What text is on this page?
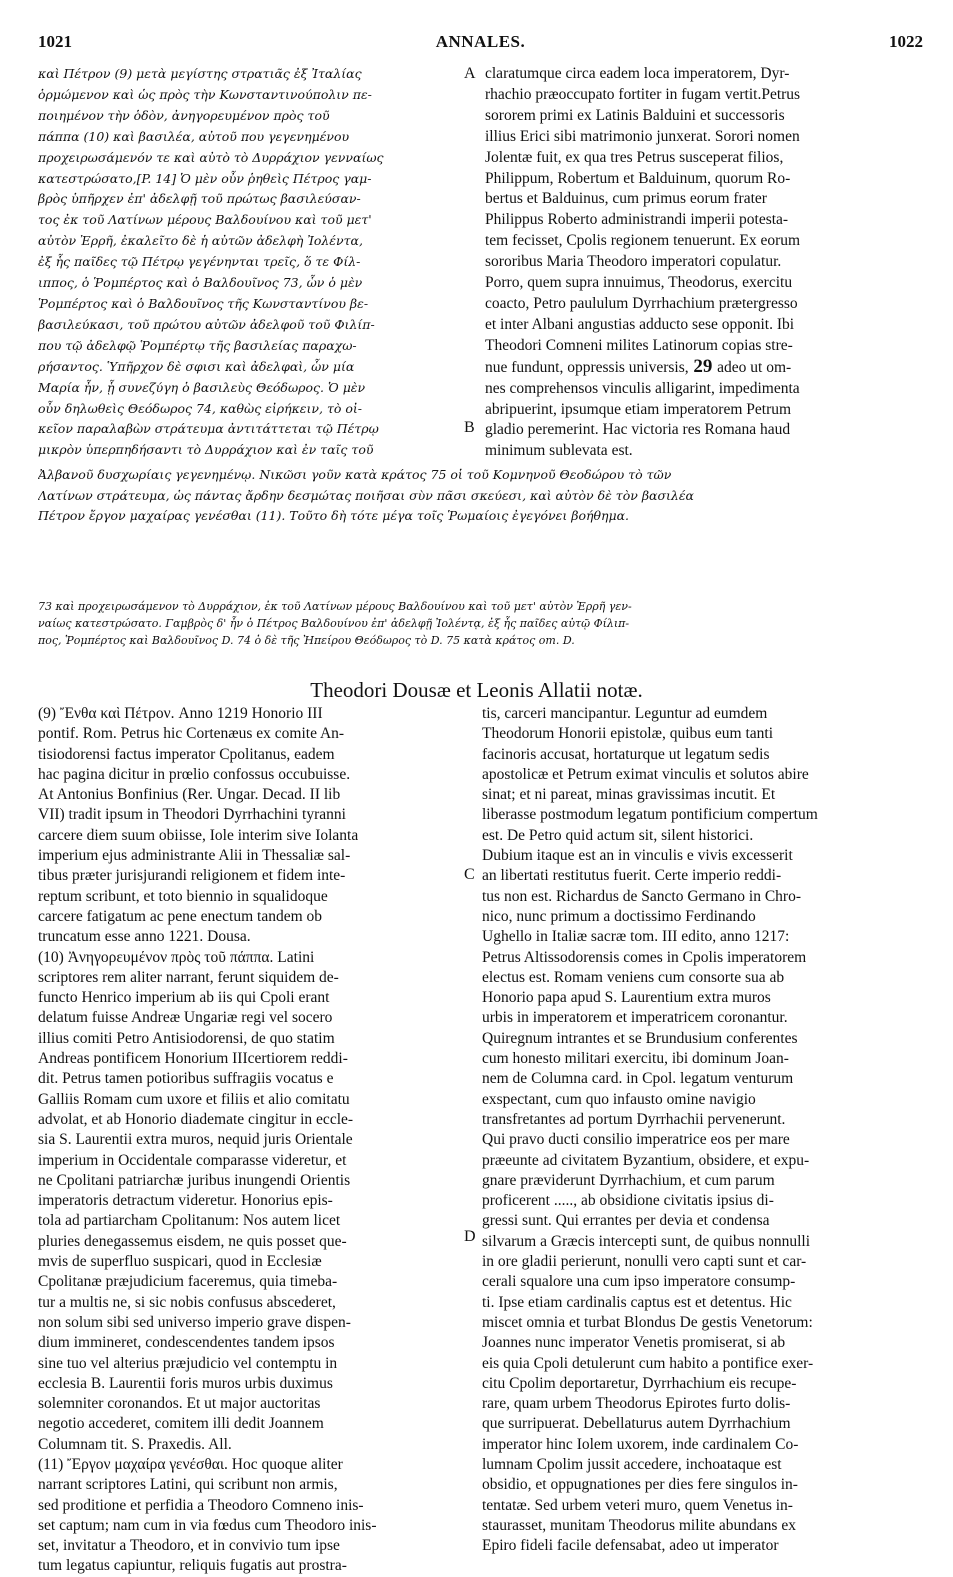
1021	ANNALES.	1022
καὶ Πέτρον (9) μετὰ μεγίστης στρατιᾶς ἐξ Ἰταλίας
ὁρμώμενον καὶ ὡς πρὸς τὴν Κωνσταντινούπολιν πε-
ποιημένον τὴν ὁδὸν, ἀνηγορευμένον πρὸς τοῦ
πάππα (10) καὶ βασιλέα, αὐτοῦ που γεγενημένου
προχειρωσάμενόν τε καὶ αὐτὸ τὸ Δυρράχιον γενναίως
κατεστρώσατο,[P. 14] Ὁ μὲν οὖν ῥηθεὶς Πέτρος γαμ-
βρὸς ὑπῆρχεν ἐπ' ἀδελφῇ τοῦ πρώτως βασιλεύσαν-
τος ἐκ τοῦ Λατίνων μέρους Βαλδουίνου καὶ τοῦ μετ'
αὐτὸν Ἐρρῆ, ἐκαλεῖτο δὲ ἡ αὐτῶν ἀδελφὴ Ἰολέντα,
ἐξ ἧς παῖδες τῷ Πέτρῳ γεγένηνται τρεῖς, ὅ τε Φίλ-
ιππος, ὁ Ῥομπέρτος καὶ ὁ Βαλδουῖνος 73, ὧν ὁ μὲν
Ῥομπέρτος καὶ ὁ Βαλδουῖνος τῆς Κωνσταντίνου βε-
βασιλεύκασι, τοῦ πρώτου αὐτῶν ἀδελφοῦ τοῦ Φιλίπ-
που τῷ ἀδελφῷ Ῥομπέρτῳ τῆς βασιλείας παραχω-
ρήσαντος. Ὑπῆρχον δὲ σφισι καὶ ἀδελφαὶ, ὧν μία
Μαρία ἦν, ᾗ συνεζύγη ὁ βασιλεὺς Θεόδωρος. Ὁ μὲν
οὖν δηλωθεὶς Θεόδωρος 74, καθὼς εἰρήκειν, τὸ οἰ-
κεῖον παραλαβὼν στράτευμα ἀντιτάττεται τῷ Πέτρῳ
μικρὸν ὑπερπηδήσαντι τὸ Δυρράχιον καὶ ἐν ταῖς τοῦ
claratumque circa eadem loca imperatorem, Dyr-
rhachio præoccupato fortiter in fugam vertit.Petrus
sororem primi ex Latinis Balduini et successoris
illius Erici sibi matrimonio junxerat. Sorori nomen
Jolentæ fuit, ex qua tres Petrus susceperat filios,
Philippum, Robertum et Balduinum, quorum Ro-
bertus et Balduinus, cum primus eorum frater
Philippus Roberto administrandi imperii potesta-
tem fecisset, Cpolis regionem tenuerunt. Ex eorum
sororibus Maria Theodoro imperatori copulatur.
Porro, quem supra innuimus, Theodorus, exercitu
coacto, Petro paululum Dyrrhachium prætergresso
et inter Albani angustias adducto sese opponit. Ibi
Theodori Comneni milites Latinorum copias stre-
nue fundunt, oppressis universis, 29 adeo ut om-
nes comprehensos vinculis alligarint, impedimenta
abripuerint, ipsumque etiam imperatorem Petrum
gladio peremerint. Hac victoria res Romana haud
minimum sublevata est.
A
B
Ἀλβανοῦ δυσχωρίαις γεγενημένῳ. Νικῶσι γοῦν κατὰ κράτος 75 οἱ τοῦ Κομνηνοῦ Θεοδώρου τὸ τῶν
Λατίνων στράτευμα, ὡς πάντας ἄρδην δεσμώτας ποιῆσαι σὺν πᾶσι σκεύεσι, καὶ αὐτὸν δὲ τὸν βασιλέα
Πέτρον ἔργον μαχαίρας γενέσθαι (11). Τοῦτο δὴ τότε μέγα τοῖς Ῥωμαίοις ἐγεγόνει βοήθημα.
73 καὶ προχειρωσάμενον τὸ Δυρράχιον, ἐκ τοῦ Λατίνων μέρους Βαλδουίνου καὶ τοῦ μετ' αὐτὸν Ἐρρῆ γεν-
ναίως κατεστρώσατο. Γαμβρὸς δ' ἦν ὁ Πέτρος Βαλδουίνου ἐπ' ἀδελφῇ Ἰολέντᾳ, ἐξ ἧς παῖδες αὐτῷ Φίλιπ-
πος, Ῥομπέρτος καὶ Βαλδουῖνος D. 74 ὁ δὲ τῆς Ἠπείρου Θεόδωρος τὸ D. 75 κατὰ κράτος om. D.
Theodori Dousæ et Leonis Allatii notæ.
(9) Ἔνθα καὶ Πέτρον. Anno 1219 Honorio III
pontif. Rom. Petrus hic Cortenæus ex comite An-
tisiodorensi factus imperator Cpolitanus, eadem
hac pagina dicitur in prœlio confossus occubuisse.
At Antonius Bonfinius (Rer. Ungar. Decad. II lib
VII) tradit ipsum in Theodori Dyrrhachini tyranni
carcere diem suum obiisse, Iole interim sive Iolanta
imperium ejus administrante Alii in Thessaliæ sal-
tibus præter jurisjurandi religionem et fidem inte-
reptum scribunt, et toto biennio in squalidoque
carcere fatigatum ac pene enectum tandem ob
truncatum esse anno 1221. Dousa.
(10) Ἀνηγορευμένον πρὸς τοῦ πάππα. Latini
scriptores rem aliter narrant, ferunt siquidem de-
functo Henrico imperium ab iis qui Cpoli erant
delatum fuisse Andreæ Ungariæ regi vel socero
illius comiti Petro Antisiodorensi, de quo statim
Andreas pontificem Honorium IIIcertiorem reddi-
dit. Petrus tamen potioribus suffragiis vocatus e
Galliis Romam cum uxore et filiis et alio comitatu
advolat, et ab Honorio diademate cingitur in eccle-
sia S. Laurentii extra muros, nequid juris Orientale
imperium in Occidentale comparasse videretur, et
ne Cpolitani patriarchæ juribus inungendi Orientis
imperatoris detractum videretur. Honorius epis-
tola ad partiarcham Cpolitanum: Nos autem licet
pluries denegassemus eisdem, ne quis posset que-
mvis de superfluo suspicari, quod in Ecclesiæ
Cpolitanæ præjudicium faceremus, quia timeba-
tur a multis ne, si sic nobis confusus abscederet,
non solum sibi sed universo imperio grave dispen-
dium immineret, condescendentes tandem ipsos
sine tuo vel alterius præjudicio vel contemptu in
ecclesia B. Laurentii foris muros urbis duximus
solemniter coronandos. Et ut major auctoritas
negotio accederet, comitem illi dedit Joannem
Columnam tit. S. Praxedis. All.
(11) Ἔργον μαχαίρα γενέσθαι. Hoc quoque aliter
narrant scriptores Latini, qui scribunt non armis,
sed proditione et perfidia a Theodoro Comneno inis-
set captum; nam cum in via fœdus cum Theodoro inis-
set, invitatur a Theodoro, et in convivio tum ipse
tum legatus capiuntur, reliquis fugatis aut prostra-
tis, carceri mancipantur. Leguntur ad eumdem
Theodorum Honorii epistolæ, quibus eum tanti
facinoris accusat, hortaturque ut legatum sedis
apostolicæ et Petrum eximat vinculis et solutos abire
sinat; et ni pareat, minas gravissimas incutit. Et
liberasse postmodum legatum pontificium compertum
est. De Petro quid actum sit, silent historici.
Dubium itaque est an in vinculis e vivis excesserit
an libertati restitutus fuerit. Certe imperio reddi-
tus non est. Richardus de Sancto Germano in Chro-
nico, nunc primum a doctissimo Ferdinando
Ughello in Italiæ sacræ tom. III edito, anno 1217:
Petrus Altissodorensis comes in Cpolis imperatorem
electus est. Romam veniens cum consorte sua ab
Honorio papa apud S. Laurentium extra muros
urbis in imperatorem et imperatricem coronantur.
Quiregnum intrantes et se Brundusium conferentes
cum honesto militari exercitu, ibi dominum Joan-
nem de Columna card. in Cpol. legatum venturum
exspectant, cum quo infausto omine navigio
transfretantes ad portum Dyrrhachii pervenerunt.
Qui pravo ducti consilio imperatrice eos per mare
præeunte ad civitatem Byzantium, obsidere, et expu-
gnare præviderunt Dyrrhachium, et cum parum
proficerent ....., ab obsidione civitatis ipsius di-
gressi sunt. Qui errantes per devia et condensa
silvarum a Græcis intercepti sunt, de quibus nonnulli
in ore gladii perierunt, nonulli vero capti sunt et car-
cerali squalore una cum ipso imperatore consump-
ti. Ipse etiam cardinalis captus est et detentus. Hic
miscet omnia et turbat Blondus De gestis Venetorum:
Joannes nunc imperator Venetis promiserat, si ab
eis quia Cpoli detulerunt cum habito a pontifice exer-
citu Cpolim deportaretur, Dyrrhachium eis recupe-
rare, quam urbem Theodorus Epirotes furto dolis-
que surripuerat. Debellaturus autem Dyrrhachium
imperator hinc Iolem uxorem, inde cardinalem Co-
lumnam Cpolim jussit accedere, inchoataque est
obsidio, et oppugnationes per dies fere singulos in-
tentatæ. Sed urbem veteri muro, quem Venetus in-
staurasset, munitam Theodorus milite abundans ex
Epiro fideli facile defensabat, adeo ut imperator
C
D
